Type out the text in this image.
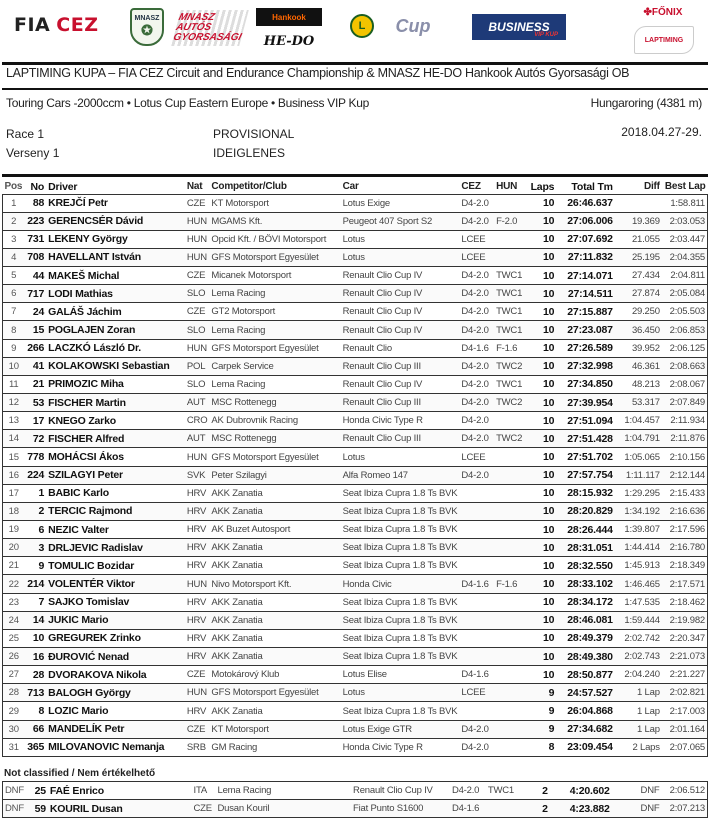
FIA CEZ	MNASZ
✪
MNASZ AUTÓS GYORSASÁGI
Hankook
HE-DO
L Cup	BUSINESS
VIP KUP
✤ FŐNIX
LAPTIMING
LAPTIMING KUPA – FIA CEZ Circuit and Endurance Championship & MNASZ HE-DO Hankook Autós Gyorsasági OB
Touring Cars -2000ccm • Lotus Cup Eastern Europe • Business VIP Kup	Hungaroring (4381 m)
Race 1
Verseny 1
PROVISIONAL
IDEIGLENES
2018.04.27-29.
Pos	No	Driver	Nat	Competitor/Club	Car	CEZ	HUN	Laps	Total Tm	Diff	Best Lap
1	88	KREJČÍ Petr	CZE	KT Motorsport	Lotus Exige	D4-2.0		10	26:46.637		1:58.811
2	223	GERENCSÉR Dávid	HUN	MGAMS Kft.	Peugeot 407 Sport S2	D4-2.0	F-2.0	10	27:06.006	19.369	2:03.053
3	731	LEKENY György	HUN	Opcid Kft. / BÖVI Motorsport	Lotus	LCEE		10	27:07.692	21.055	2:03.447
4	708	HAVELLANT István	HUN	GFS Motorsport Egyesület	Lotus	LCEE		10	27:11.832	25.195	2:04.355
5	44	MAKEŠ Michal	CZE	Micanek Motorsport	Renault Clio Cup IV	D4-2.0	TWC1	10	27:14.071	27.434	2:04.811
6	717	LODI Mathias	SLO	Lema Racing	Renault Clio Cup IV	D4-2.0	TWC1	10	27:14.511	27.874	2:05.084
7	24	GALÁŠ Jáchim	CZE	GT2 Motorsport	Renault Clio Cup IV	D4-2.0	TWC1	10	27:15.887	29.250	2:05.503
8	15	POGLAJEN Zoran	SLO	Lema Racing	Renault Clio Cup IV	D4-2.0	TWC1	10	27:23.087	36.450	2:06.853
9	266	LACZKÓ László Dr.	HUN	GFS Motorsport Egyesület	Renault Clio	D4-1.6	F-1.6	10	27:26.589	39.952	2:06.125
10	41	KOLAKOWSKI Sebastian	POL	Carpek Service	Renault Clio Cup III	D4-2.0	TWC2	10	27:32.998	46.361	2:08.663
11	21	PRIMOZIC Miha	SLO	Lema Racing	Renault Clio Cup IV	D4-2.0	TWC1	10	27:34.850	48.213	2:08.067
12	53	FISCHER Martin	AUT	MSC Rottenegg	Renault Clio Cup III	D4-2.0	TWC2	10	27:39.954	53.317	2:07.849
13	17	KNEGO Zarko	CRO	AK Dubrovnik Racing	Honda Civic Type R	D4-2.0		10	27:51.094	1:04.457	2:11.934
14	72	FISCHER Alfred	AUT	MSC Rottenegg	Renault Clio Cup III	D4-2.0	TWC2	10	27:51.428	1:04.791	2:11.876
15	778	MOHÁCSI Ákos	HUN	GFS Motorsport Egyesület	Lotus	LCEE		10	27:51.702	1:05.065	2:10.156
16	224	SZILAGYI Peter	SVK	Peter Szilagyi	Alfa Romeo 147	D4-2.0		10	27:57.754	1:11.117	2:12.144
17	1	BABIC Karlo	HRV	AKK Zanatia	Seat Ibiza Cupra 1.8 Ts BVK			10	28:15.932	1:29.295	2:15.433
18	2	TERCIC Rajmond	HRV	AKK Zanatia	Seat Ibiza Cupra 1.8 Ts BVK			10	28:20.829	1:34.192	2:16.636
19	6	NEZIC Valter	HRV	AK Buzet Autosport	Seat Ibiza Cupra 1.8 Ts BVK			10	28:26.444	1:39.807	2:17.596
20	3	DRLJEVIC Radislav	HRV	AKK Zanatia	Seat Ibiza Cupra 1.8 Ts BVK			10	28:31.051	1:44.414	2:16.780
21	9	TOMULIC Bozidar	HRV	AKK Zanatia	Seat Ibiza Cupra 1.8 Ts BVK			10	28:32.550	1:45.913	2:18.349
22	214	VOLENTÉR Viktor	HUN	Nivo Motorsport Kft.	Honda Civic	D4-1.6	F-1.6	10	28:33.102	1:46.465	2:17.571
23	7	SAJKO Tomislav	HRV	AKK Zanatia	Seat Ibiza Cupra 1.8 Ts BVK			10	28:34.172	1:47.535	2:18.462
24	14	JUKIC Mario	HRV	AKK Zanatia	Seat Ibiza Cupra 1.8 Ts BVK			10	28:46.081	1:59.444	2:19.982
25	10	GREGUREK Zrinko	HRV	AKK Zanatia	Seat Ibiza Cupra 1.8 Ts BVK			10	28:49.379	2:02.742	2:20.347
26	16	ĐUROVIĆ Nenad	HRV	AKK Zanatia	Seat Ibiza Cupra 1.8 Ts BVK			10	28:49.380	2:02.743	2:21.073
27	28	DVORAKOVA Nikola	CZE	Motokárový Klub	Lotus Elise	D4-1.6		10	28:50.877	2:04.240	2:21.227
28	713	BALOGH György	HUN	GFS Motorsport Egyesület	Lotus	LCEE		9	24:57.527	1 Lap	2:02.821
29	8	LOZIC Mario	HRV	AKK Zanatia	Seat Ibiza Cupra 1.8 Ts BVK			9	26:04.868	1 Lap	2:17.003
30	66	MANDELÍK Petr	CZE	KT Motorsport	Lotus Exige GTR	D4-2.0		9	27:34.682	1 Lap	2:01.164
31	365	MILOVANOVIC Nemanja	SRB	GM Racing	Honda Civic Type R	D4-2.0		8	23:09.454	2 Laps	2:07.065
Not classified / Nem értékelhető
DNF	25	FAÉ Enrico	ITA	Lema Racing	Renault Clio Cup IV	D4-2.0	TWC1	2	4:20.602	DNF	2:06.512
DNF	59	KOURIL Dusan	CZE	Dusan Kouril	Fiat Punto S1600	D4-1.6		2	4:23.882	DNF	2:07.213
